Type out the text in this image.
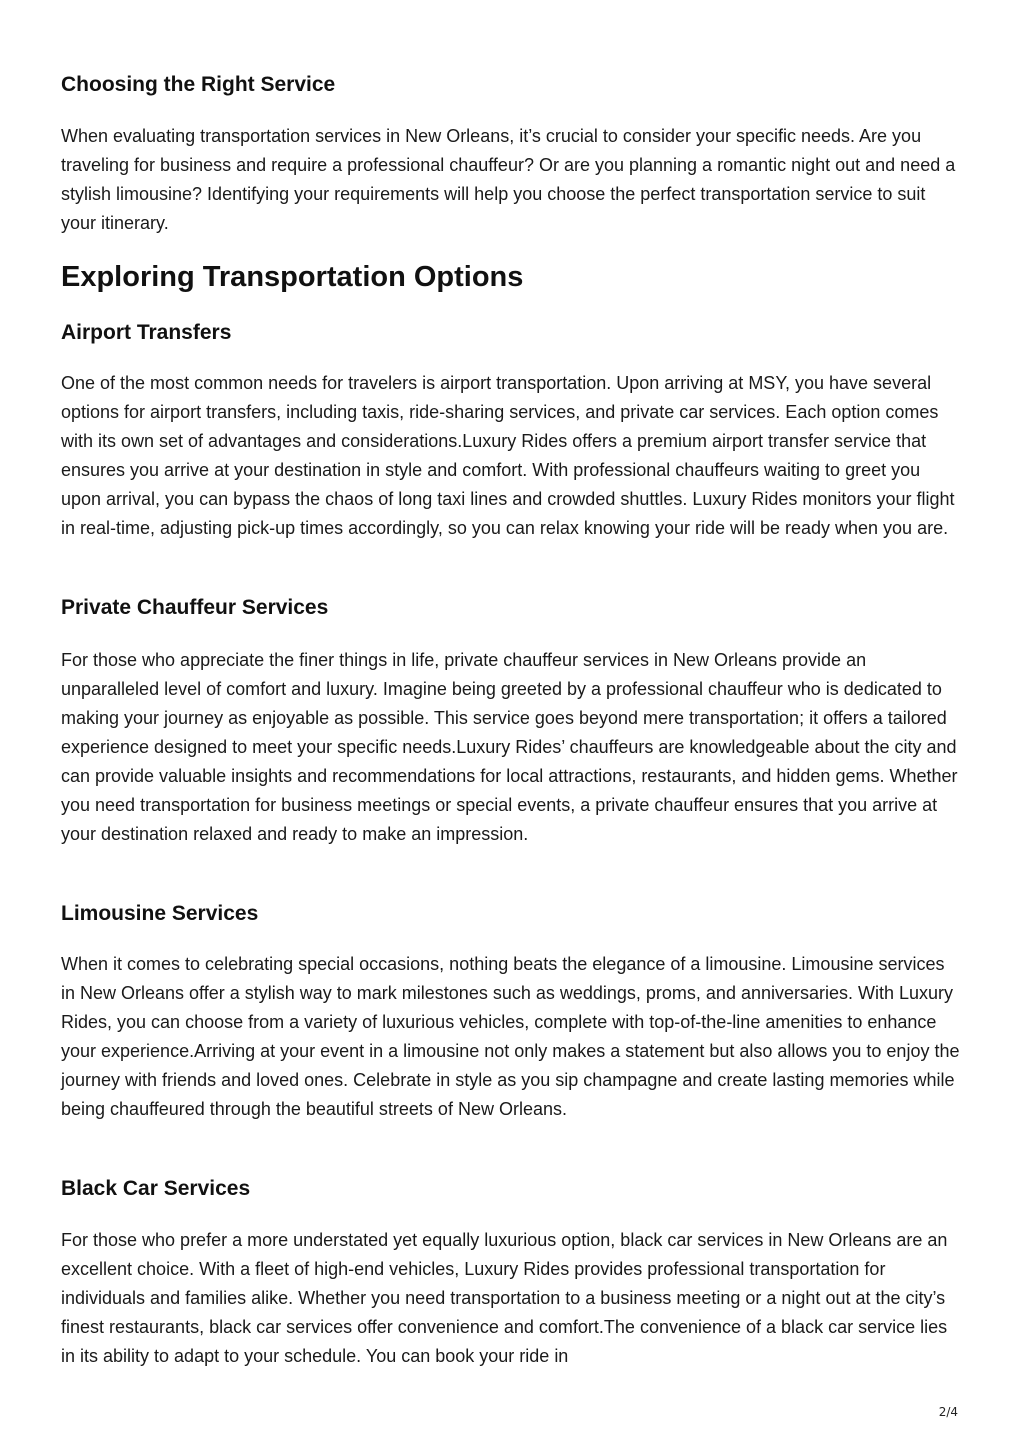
Choosing the Right Service

When evaluating transportation services in New Orleans, it’s crucial to consider your specific needs. Are you traveling for business and require a professional chauffeur? Or are you planning a romantic night out and need a stylish limousine? Identifying your requirements will help you choose the perfect transportation service to suit your itinerary.

Exploring Transportation Options
Airport Transfers

One of the most common needs for travelers is airport transportation. Upon arriving at MSY, you have several options for airport transfers, including taxis, ride-sharing services, and private car services. Each option comes with its own set of advantages and considerations.Luxury Rides offers a premium airport transfer service that ensures you arrive at your destination in style and comfort. With professional chauffeurs waiting to greet you upon arrival, you can bypass the chaos of long taxi lines and crowded shuttles. Luxury Rides monitors your flight in real-time, adjusting pick-up times accordingly, so you can relax knowing your ride will be ready when you are.

Private Chauffeur Services

For those who appreciate the finer things in life, private chauffeur services in New Orleans provide an unparalleled level of comfort and luxury. Imagine being greeted by a professional chauffeur who is dedicated to making your journey as enjoyable as possible. This service goes beyond mere transportation; it offers a tailored experience designed to meet your specific needs.Luxury Rides’ chauffeurs are knowledgeable about the city and can provide valuable insights and recommendations for local attractions, restaurants, and hidden gems. Whether you need transportation for business meetings or special events, a private chauffeur ensures that you arrive at your destination relaxed and ready to make an impression.

Limousine Services

When it comes to celebrating special occasions, nothing beats the elegance of a limousine. Limousine services in New Orleans offer a stylish way to mark milestones such as weddings, proms, and anniversaries. With Luxury Rides, you can choose from a variety of luxurious vehicles, complete with top-of-the-line amenities to enhance your experience.Arriving at your event in a limousine not only makes a statement but also allows you to enjoy the journey with friends and loved ones. Celebrate in style as you sip champagne and create lasting memories while being chauffeured through the beautiful streets of New Orleans.

Black Car Services

For those who prefer a more understated yet equally luxurious option, black car services in New Orleans are an excellent choice. With a fleet of high-end vehicles, Luxury Rides provides professional transportation for individuals and families alike. Whether you need transportation to a business meeting or a night out at the city’s finest restaurants, black car services offer convenience and comfort.The convenience of a black car service lies in its ability to adapt to your schedule. You can book your ride in

2/4
